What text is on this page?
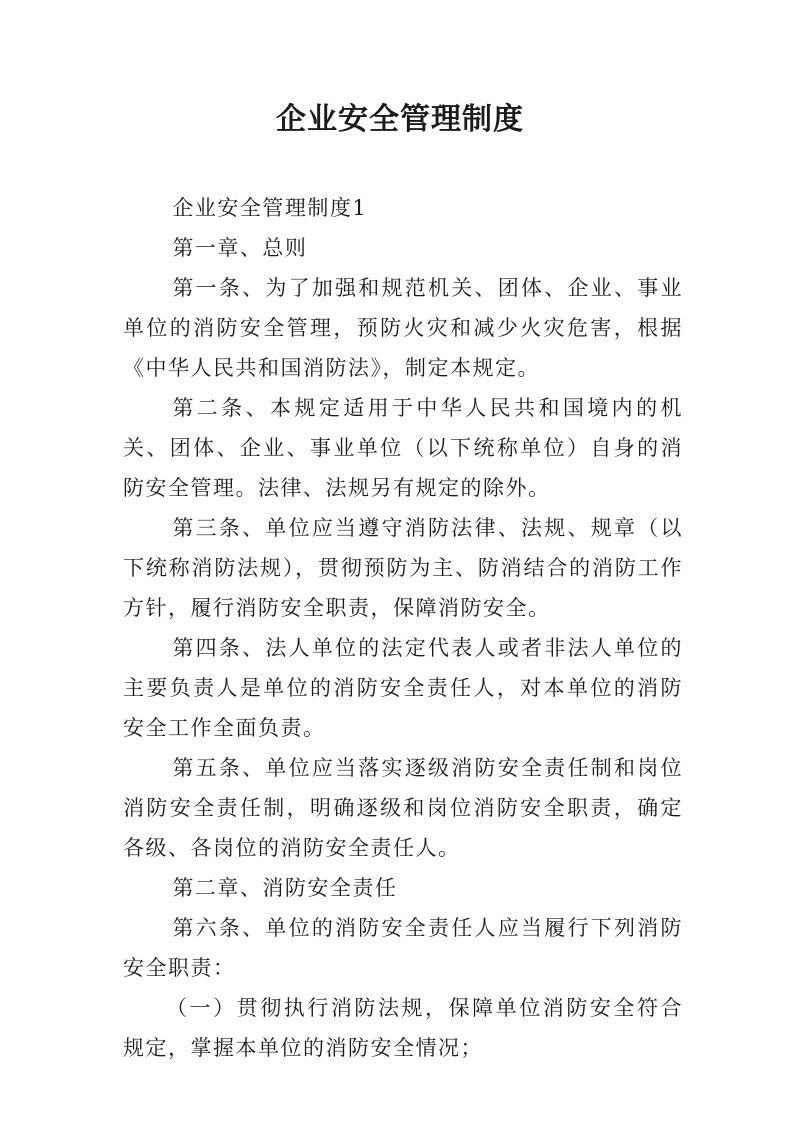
企业安全管理制度

企业安全管理制度1

第一章、总则

第一条、为了加强和规范机关、团体、企业、事业单位的消防安全管理，预防火灾和减少火灾危害，根据《中华人民共和国消防法》，制定本规定。

第二条、本规定适用于中华人民共和国境内的机关、团体、企业、事业单位（以下统称单位）自身的消防安全管理。法律、法规另有规定的除外。

第三条、单位应当遵守消防法律、法规、规章（以下统称消防法规），贯彻预防为主、防消结合的消防工作方针，履行消防安全职责，保障消防安全。

第四条、法人单位的法定代表人或者非法人单位的主要负责人是单位的消防安全责任人，对本单位的消防安全工作全面负责。

第五条、单位应当落实逐级消防安全责任制和岗位消防安全责任制，明确逐级和岗位消防安全职责，确定各级、各岗位的消防安全责任人。

第二章、消防安全责任

第六条、单位的消防安全责任人应当履行下列消防安全职责：

（一）贯彻执行消防法规，保障单位消防安全符合规定，掌握本单位的消防安全情况；
